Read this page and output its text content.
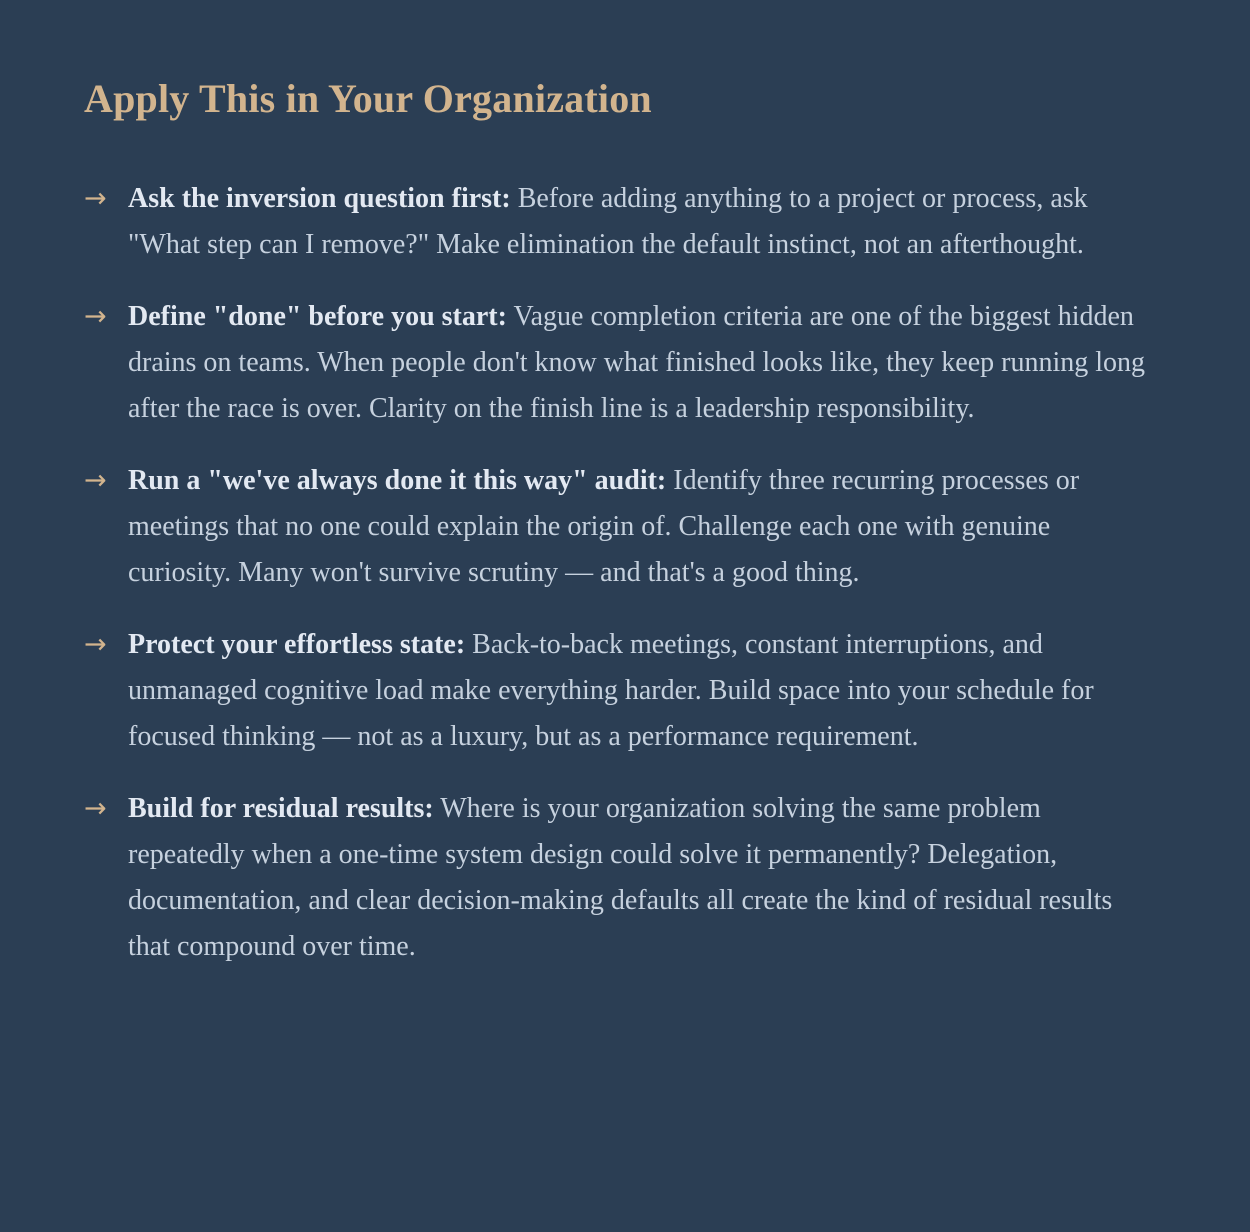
Apply This in Your Organization
→ Ask the inversion question first: Before adding anything to a project or process, ask "What step can I remove?" Make elimination the default instinct, not an afterthought.

→ Define "done" before you start: Vague completion criteria are one of the biggest hidden drains on teams. When people don't know what finished looks like, they keep running long after the race is over. Clarity on the finish line is a leadership responsibility.

→ Run a "we've always done it this way" audit: Identify three recurring processes or meetings that no one could explain the origin of. Challenge each one with genuine curiosity. Many won't survive scrutiny — and that's a good thing.

→ Protect your effortless state: Back-to-back meetings, constant interruptions, and unmanaged cognitive load make everything harder. Build space into your schedule for focused thinking — not as a luxury, but as a performance requirement.

→ Build for residual results: Where is your organization solving the same problem repeatedly when a one-time system design could solve it permanently? Delegation, documentation, and clear decision-making defaults all create the kind of residual results that compound over time.
